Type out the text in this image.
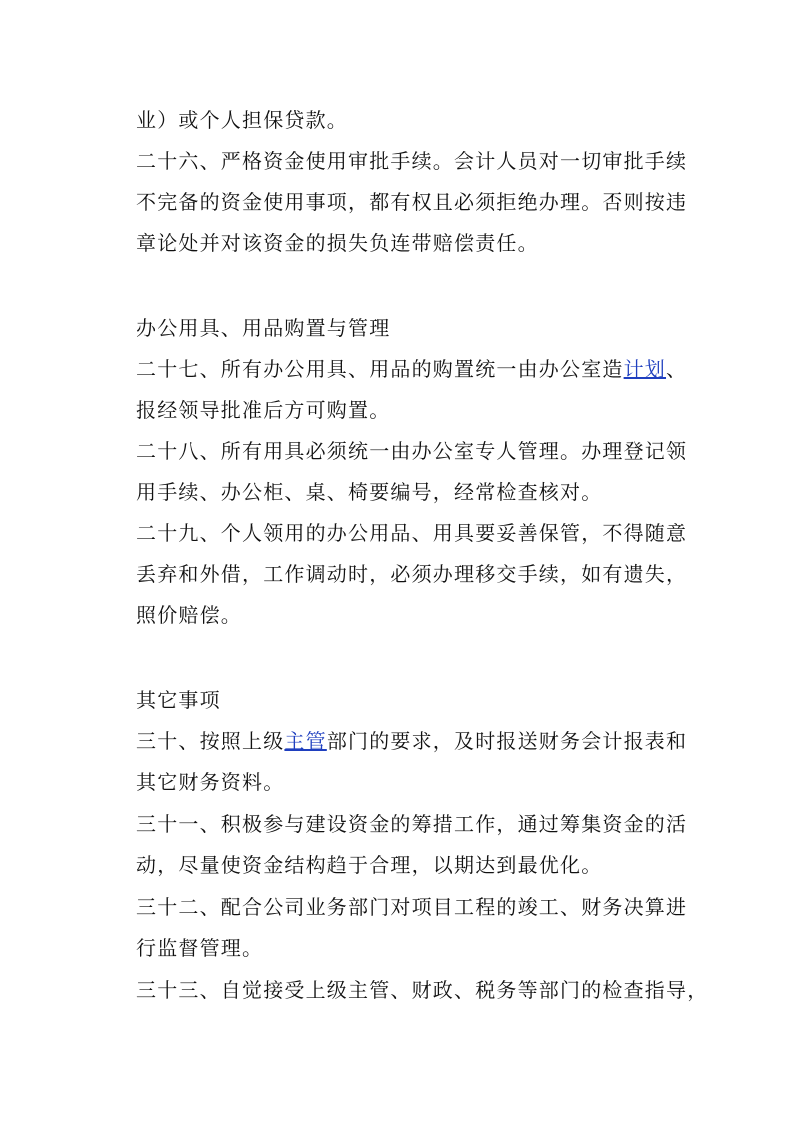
业）或个人担保贷款。
二十六、严格资金使用审批手续。会计人员对一切审批手续
不完备的资金使用事项，都有权且必须拒绝办理。否则按违
章论处并对该资金的损失负连带赔偿责任。
办公用具、用品购置与管理
二十七、所有办公用具、用品的购置统一由办公室造计划、
报经领导批准后方可购置。
二十八、所有用具必须统一由办公室专人管理。办理登记领
用手续、办公柜、桌、椅要编号，经常检查核对。
二十九、个人领用的办公用品、用具要妥善保管，不得随意
丢弃和外借，工作调动时，必须办理移交手续，如有遗失，
照价赔偿。
其它事项
三十、按照上级主管部门的要求，及时报送财务会计报表和
其它财务资料。
三十一、积极参与建设资金的筹措工作，通过筹集资金的活
动，尽量使资金结构趋于合理，以期达到最优化。
三十二、配合公司业务部门对项目工程的竣工、财务决算进
行监督管理。
三十三、自觉接受上级主管、财政、税务等部门的检查指导，
